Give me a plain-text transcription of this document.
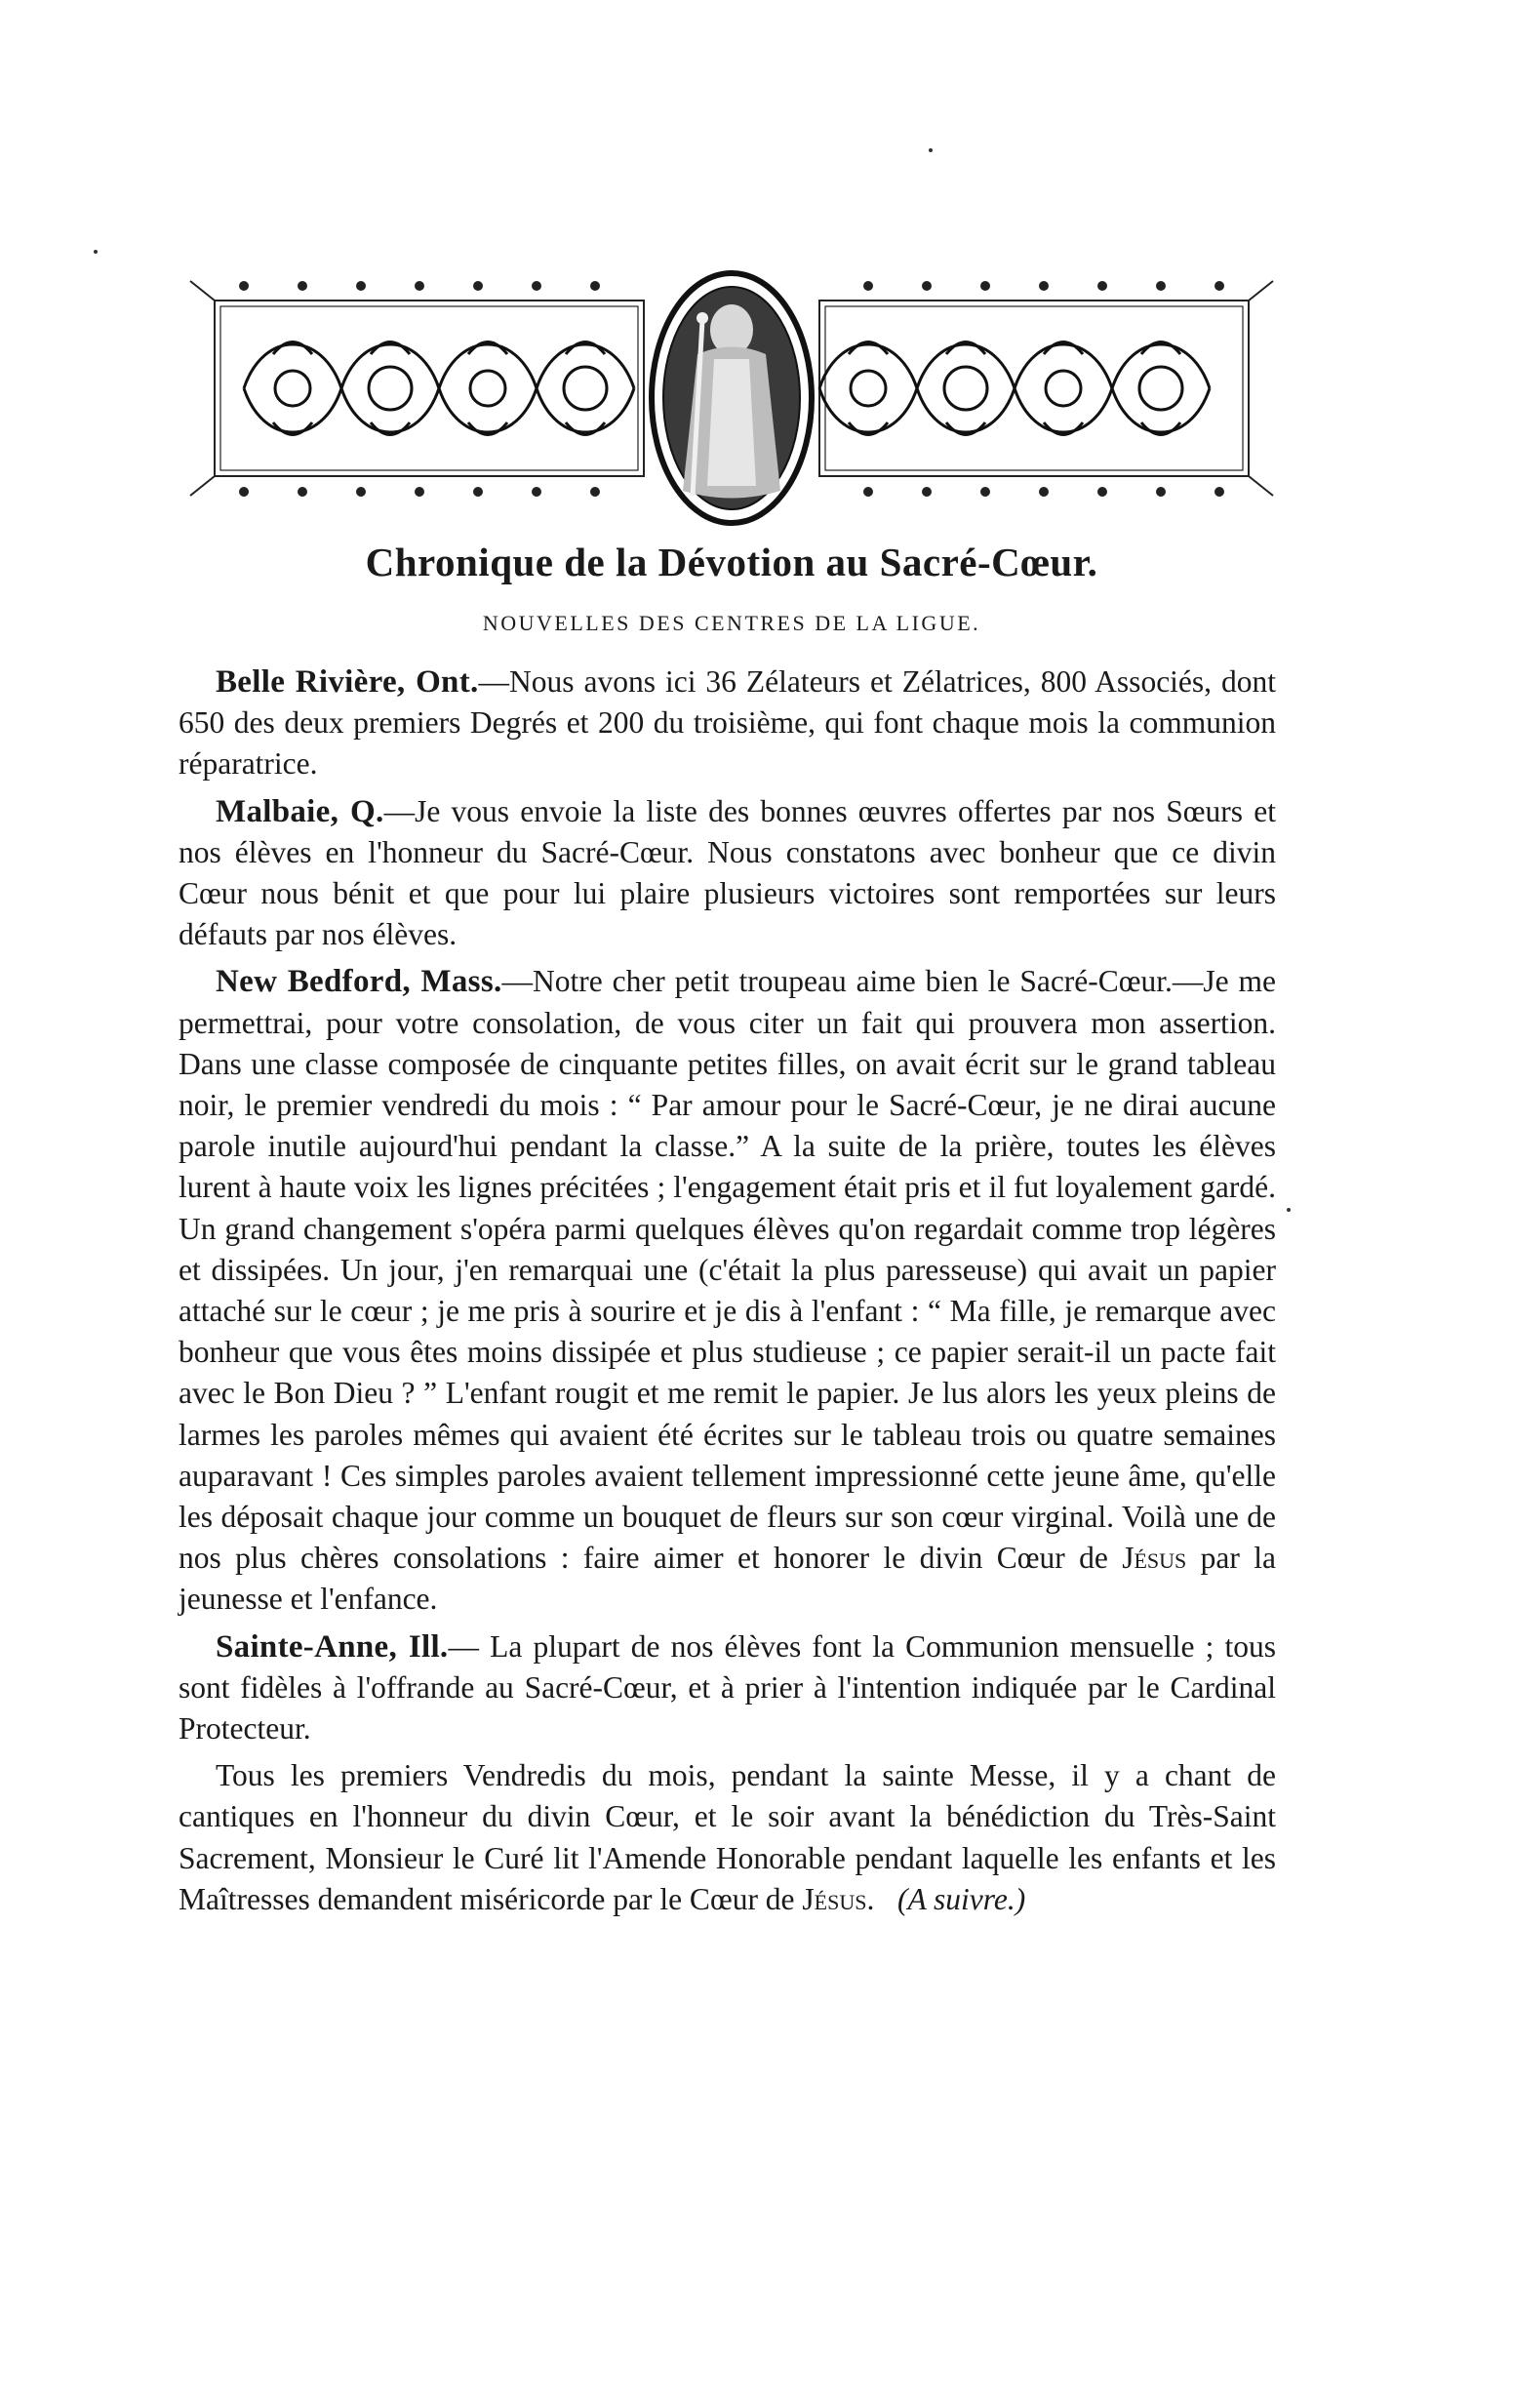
Chronique de la Dévotion au Sacré-Cœur.
NOUVELLES DES CENTRES DE LA LIGUE.

Belle Rivière, Ont.—Nous avons ici 36 Zélateurs et Zélatrices, 800 Associés, dont 650 des deux premiers Degrés et 200 du troisième, qui font chaque mois la communion réparatrice.

Malbaie, Q.—Je vous envoie la liste des bonnes œuvres offertes par nos Sœurs et nos élèves en l'honneur du Sacré-Cœur. Nous constatons avec bonheur que ce divin Cœur nous bénit et que pour lui plaire plusieurs victoires sont remportées sur leurs défauts par nos élèves.

New Bedford, Mass.—Notre cher petit troupeau aime bien le Sacré-Cœur.—Je me permettrai, pour votre consolation, de vous citer un fait qui prouvera mon assertion. Dans une classe composée de cinquante petites filles, on avait écrit sur le grand tableau noir, le premier vendredi du mois : “ Par amour pour le Sacré-Cœur, je ne dirai aucune parole inutile aujourd'hui pendant la classe.” A la suite de la prière, toutes les élèves lurent à haute voix les lignes précitées ; l'engagement était pris et il fut loyalement gardé. Un grand changement s'opéra parmi quelques élèves qu'on regardait comme trop légères et dissipées. Un jour, j'en remarquai une (c'était la plus paresseuse) qui avait un papier attaché sur le cœur ; je me pris à sourire et je dis à l'enfant : “ Ma fille, je remarque avec bonheur que vous êtes moins dissipée et plus studieuse ; ce papier serait-il un pacte fait avec le Bon Dieu ? ” L'enfant rougit et me remit le papier. Je lus alors les yeux pleins de larmes les paroles mêmes qui avaient été écrites sur le tableau trois ou quatre semaines auparavant ! Ces simples paroles avaient tellement impressionné cette jeune âme, qu'elle les déposait chaque jour comme un bouquet de fleurs sur son cœur virginal. Voilà une de nos plus chères consolations : faire aimer et honorer le divin Cœur de Jésus par la jeunesse et l'enfance.

Sainte-Anne, Ill.— La plupart de nos élèves font la Communion mensuelle ; tous sont fidèles à l'offrande au Sacré-Cœur, et à prier à l'intention indiquée par le Cardinal Protecteur.

Tous les premiers Vendredis du mois, pendant la sainte Messe, il y a chant de cantiques en l'honneur du divin Cœur, et le soir avant la bénédiction du Très-Saint Sacrement, Monsieur le Curé lit l'Amende Honorable pendant laquelle les enfants et les Maîtresses demandent miséricorde par le Cœur de Jésus. (A suivre.)
